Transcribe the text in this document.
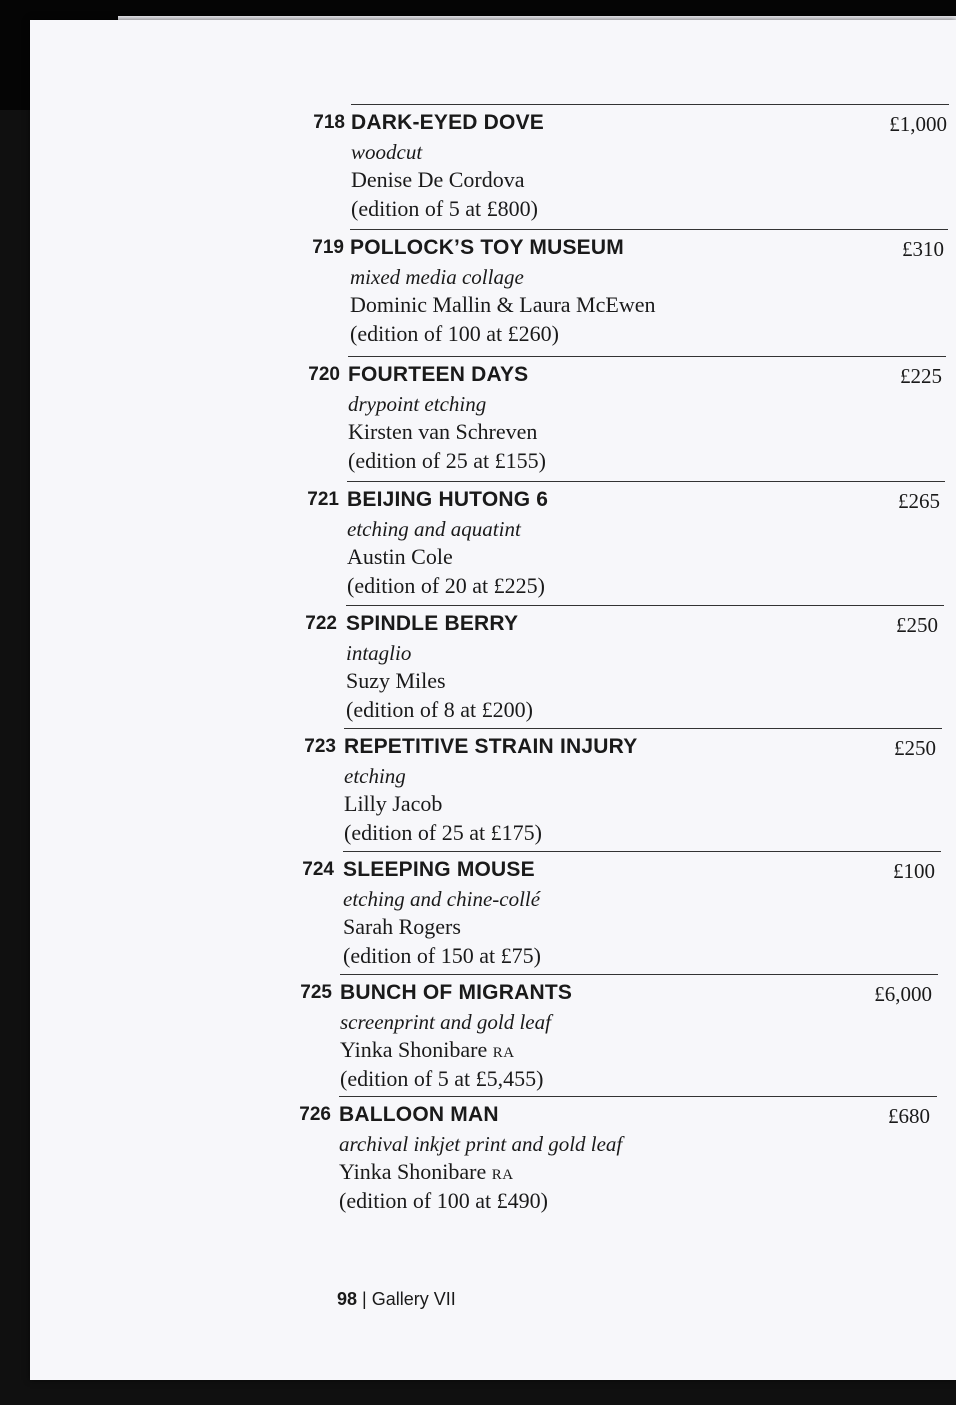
718 DARK-EYED DOVE	£1,000
woodcut
Denise De Cordova
(edition of 5 at £800)
719 POLLOCK’S TOY MUSEUM	£310
mixed media collage
Dominic Mallin & Laura McEwen
(edition of 100 at £260)
720 FOURTEEN DAYS	£225
drypoint etching
Kirsten van Schreven
(edition of 25 at £155)
721 BEIJING HUTONG 6	£265
etching and aquatint
Austin Cole
(edition of 20 at £225)
722 SPINDLE BERRY	£250
intaglio
Suzy Miles
(edition of 8 at £200)
723 REPETITIVE STRAIN INJURY	£250
etching
Lilly Jacob
(edition of 25 at £175)
724 SLEEPING MOUSE	£100
etching and chine-collé
Sarah Rogers
(edition of 150 at £75)
725 BUNCH OF MIGRANTS	£6,000
screenprint and gold leaf
Yinka Shonibare RA
(edition of 5 at £5,455)
726 BALLOON MAN	£680
archival inkjet print and gold leaf
Yinka Shonibare RA
(edition of 100 at £490)
98 | Gallery VII
